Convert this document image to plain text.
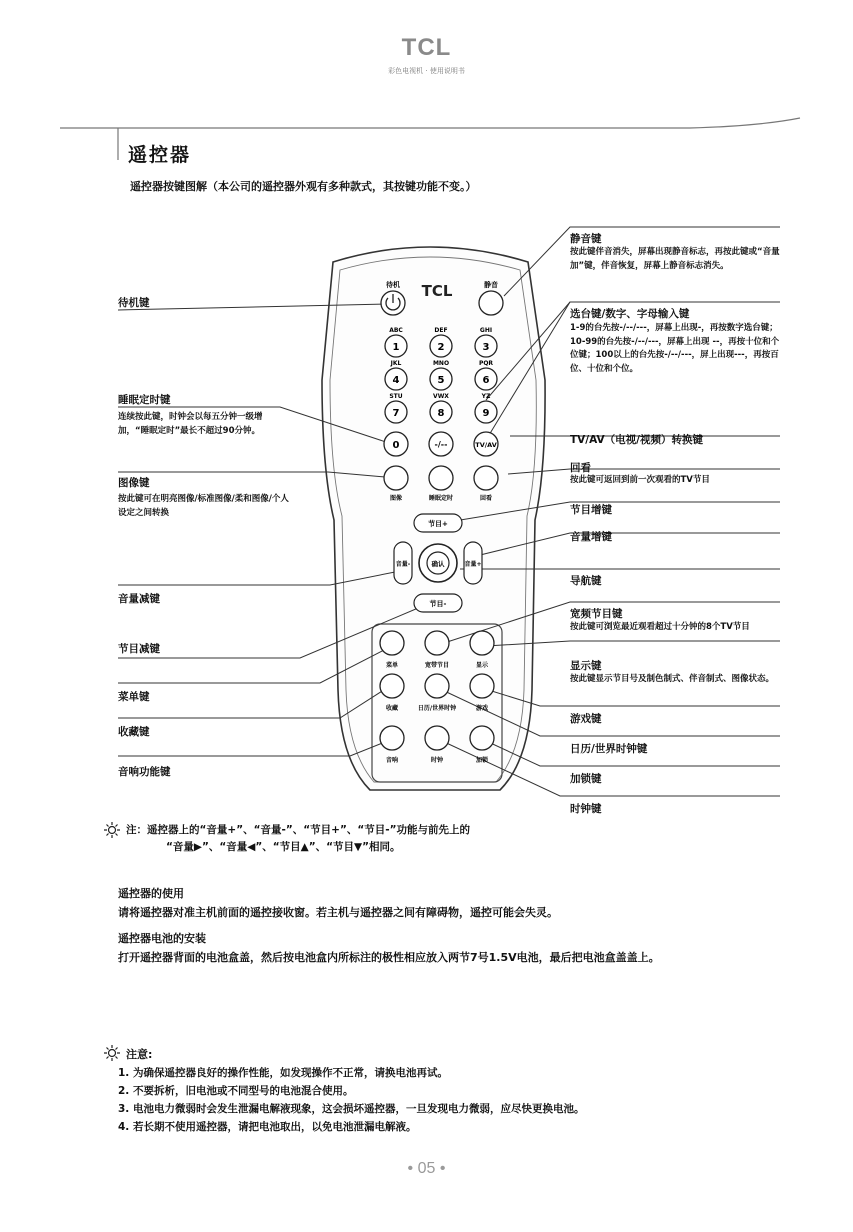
TCL
彩色电视机 · 使用说明书
待机 TCL	静音
ABC
1
DEF
2
GHI
3
JKL
4
MNO
5
PQR
6
STU
7
VWX
8
YZ
9
0	-/--	TV/AV
图像	睡眠定时	回看
节目+
节目-
音量-	音量+
确认
菜单	宽带节目	显示
收藏	日历/世界时钟	游戏
音响	时钟	加锁
遥控器
遥控器按键图解（本公司的遥控器外观有多种款式，其按键功能不变。）
待机键
睡眠定时键
连续按此键，时钟会以每五分钟一级增加，“睡眠定时”最长不超过90分钟。
图像键
按此键可在明亮图像/标准图像/柔和图像/个人设定之间转换
音量减键
节目减键
菜单键
收藏键
音响功能键
静音键
按此键伴音消失，屏幕出现静音标志，再按此键或“音量加”键，伴音恢复，屏幕上静音标志消失。
选台键/数字、字母输入键
1-9的台先按-/--/---，屏幕上出现-，再按数字选台键；10-99的台先按-/--/---，屏幕上出现 --，再按十位和个位键；100以上的台先按-/--/---，屏上出现---，再按百位、十位和个位。
TV/AV（电视/视频）转换键
回看
按此键可返回到前一次观看的TV节目
节目增键
音量增键
导航键
宽频节目键
按此键可浏览最近观看超过十分钟的8个TV节目
显示键
按此键显示节目号及制色制式、伴音制式、图像状态。
游戏键
日历/世界时钟键
加锁键
时钟键
注：遥控器上的“音量+”、“音量-”、“节目+”、“节目-”功能与前先上的
“音量▶”、“音量◀”、“节目▲”、“节目▼”相同。
遥控器的使用
请将遥控器对准主机前面的遥控接收窗。若主机与遥控器之间有障碍物，遥控可能会失灵。
遥控器电池的安装
打开遥控器背面的电池盒盖，然后按电池盒内所标注的极性相应放入两节7号1.5V电池，最后把电池盒盖盖上。
注意:
1. 为确保遥控器良好的操作性能，如发现操作不正常，请换电池再试。
2. 不要拆析，旧电池或不同型号的电池混合使用。
3. 电池电力微弱时会发生泄漏电解液现象，这会损坏遥控器，一旦发现电力微弱，应尽快更换电池。
4. 若长期不使用遥控器，请把电池取出，以免电池泄漏电解液。
• 05 •
